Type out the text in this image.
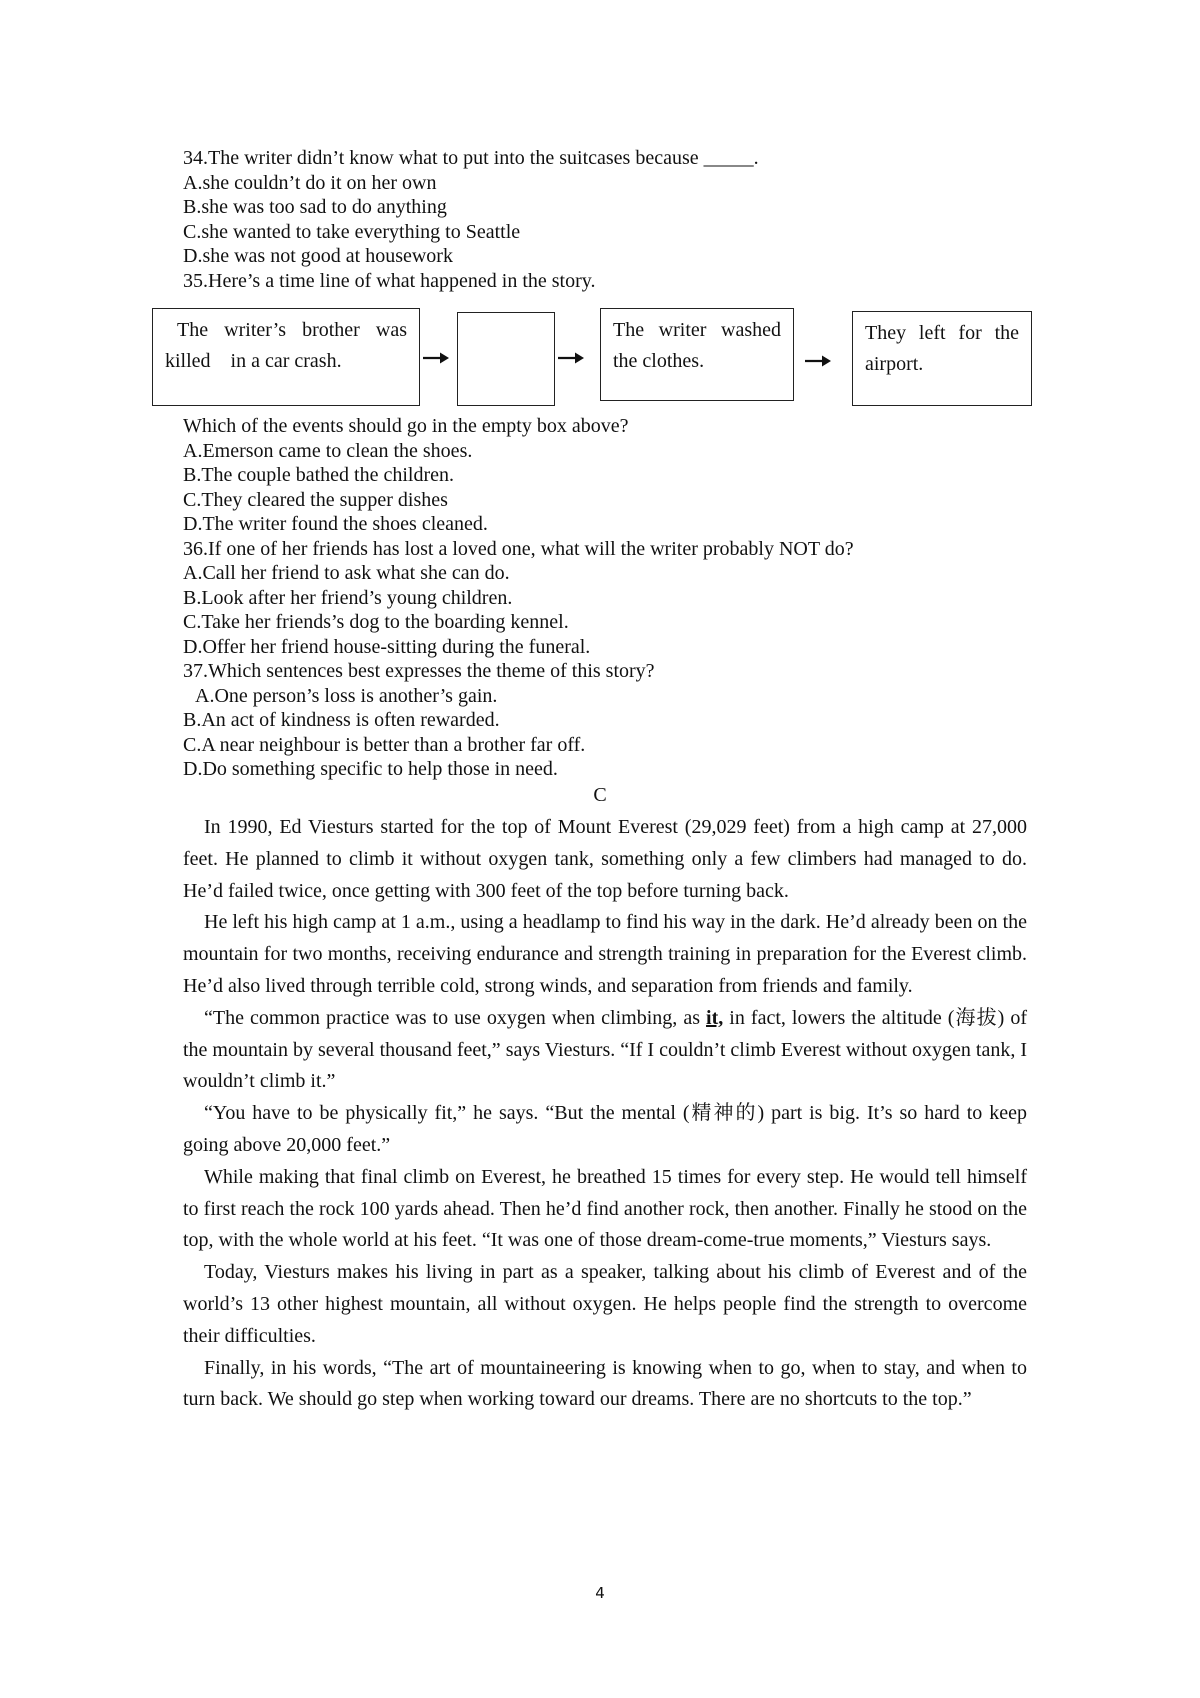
34.The writer didn’t know what to put into the suitcases because _____.
A.she couldn’t do it on her own
B.she was too sad to do anything
C.she wanted to take everything to Seattle
D.she was not good at housework
35.Here’s a time line of what happened in the story.
The writer’s brother was
killed    in a car crash.
The writer washed
the clothes.
They left for the
airport.
Which of the events should go in the empty box above?
A.Emerson came to clean the shoes.
B.The couple bathed the children.
C.They cleared the supper dishes
D.The writer found the shoes cleaned.
36.If one of her friends has lost a loved one, what will the writer probably NOT do?
A.Call her friend to ask what she can do.
B.Look after her friend’s young children.
C.Take her friends’s dog to the boarding kennel.
D.Offer her friend house-sitting during the funeral.
37.Which sentences best expresses the theme of this story?
A.One person’s loss is another’s gain.
B.An act of kindness is often rewarded.
C.A near neighbour is better than a brother far off.
D.Do something specific to help those in need.
C

In 1990, Ed Viesturs started for the top of Mount Everest (29,029 feet) from a high camp at 27,000 feet. He planned to climb it without oxygen tank, something only a few climbers had managed to do. He’d failed twice, once getting with 300 feet of the top before turning back.

He left his high camp at 1 a.m., using a headlamp to find his way in the dark. He’d already been on the mountain for two months, receiving endurance and strength training in preparation for the Everest climb. He’d also lived through terrible cold, strong winds, and separation from friends and family.

“The common practice was to use oxygen when climbing, as it, in fact, lowers the altitude (海拔) of the mountain by several thousand feet,” says Viesturs. “If I couldn’t climb Everest without oxygen tank, I wouldn’t climb it.”

“You have to be physically fit,” he says. “But the mental (精神的) part is big. It’s so hard to keep going above 20,000 feet.”

While making that final climb on Everest, he breathed 15 times for every step. He would tell himself to first reach the rock 100 yards ahead. Then he’d find another rock, then another. Finally he stood on the top, with the whole world at his feet. “It was one of those dream-come-true moments,” Viesturs says.

Today, Viesturs makes his living in part as a speaker, talking about his climb of Everest and of the world’s 13 other highest mountain, all without oxygen. He helps people find the strength to overcome their difficulties.

Finally, in his words, “The art of mountaineering is knowing when to go, when to stay, and when to turn back. We should go step when working toward our dreams. There are no shortcuts to the top.”

4
